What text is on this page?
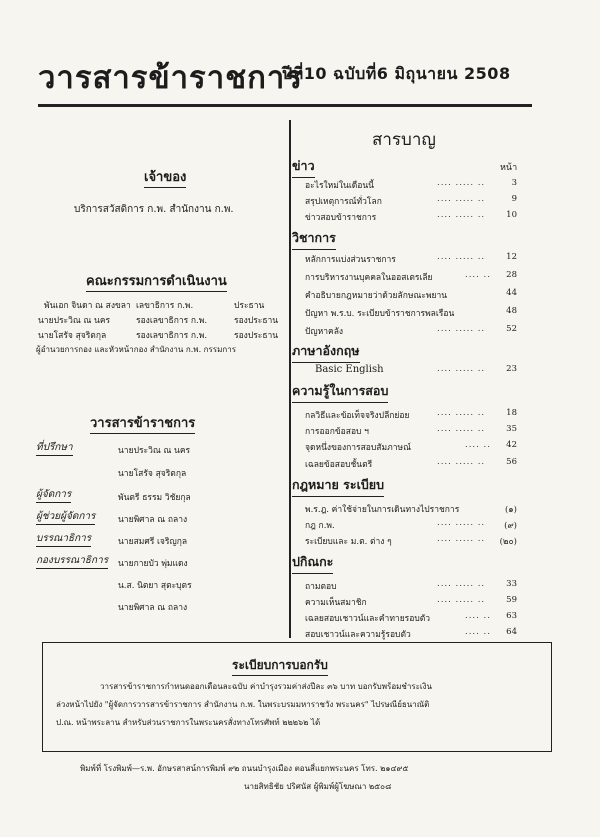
วารสารข้าราชการ
ปีที่10 ฉบับที่6 มิถุนายน 2508
เจ้าของ
บริการสวัสดิการ ก.พ. สำนักงาน ก.พ.
คณะกรรมการดำเนินงาน
พันเอก จินดา ณ สงขลา เลขาธิการ ก.พ.	ประธาน
นายประวิณ ณ นคร	รองเลขาธิการ ก.พ.	รองประธาน
นายโสรัจ สุจริตกุล	รองเลขาธิการ ก.พ.	รองประธาน
ผู้อำนวยการกอง และหัวหน้ากอง สำนักงาน ก.พ. กรรมการ
วารสารข้าราชการ
ที่ปรึกษา	นายประวิณ ณ นคร
นายโสรัจ สุจริตกุล
ผู้จัดการ	พันตรี ธรรม วิชัยกุล
ผู้ช่วยผู้จัดการ	นายพิศาล ณ ถลาง
บรรณาธิการ	นายสมศรี เจริญกุล
กองบรรณาธิการ นายกายบัว พุ่มแดง
น.ส. นิตยา สุตะบุตร
นายพิศาล ณ ถลาง
สารบาญ
หน้า
ข่าว
อะไรใหม่ในเดือนนี้	.... ..... ..	3
สรุปเหตุการณ์ทั่วโลก	.... ..... ..	9
ข่าวสอบข้าราชการ	.... ..... .. 10
วิชาการ
หลักการแบ่งส่วนราชการ	.... ..... .. 12
การบริหารงานบุคคลในออสเตรเลีย	.... .. 28
คำอธิบายกฎหมายว่าด้วยลักษณะพยาน	44
ปัญหา พ.ร.บ. ระเบียบข้าราชการพลเรือน	48
ปัญหาคลัง	.... ..... .. 52
ภาษาอังกฤษ
Basic English	.... ..... .. 23
ความรู้ในการสอบ
กลวิธีและข้อเท็จจริงปลีกย่อย	.... ..... .. 18
การออกข้อสอบ ฯ	.... ..... .. 35
จุดหนึ่งของการสอบสัมภาษณ์	.... .. 42
เฉลยข้อสอบชั้นตรี	.... ..... .. 56
กฎหมาย ระเบียบ
พ.ร.ฎ. ค่าใช้จ่ายในการเดินทางไปราชการ	(๑)
กฎ ก.พ.	.... ..... .. (๙)
ระเบียบและ ม.ต. ต่าง ๆ	.... ..... .. (๒๐)
ปกิณกะ
ถามตอบ	.... ..... .. 33
ความเห็นสมาชิก	.... ..... .. 59
เฉลยสอบเชาวน์และคำทายรอบตัว	.... .. 63
สอบเชาวน์และความรู้รอบตัว	.... .. 64
ระเบียบการบอกรับ
วารสารข้าราชการกำหนดออกเดือนละฉบับ ค่าบำรุงรวมค่าส่งปีละ ๓๖ บาท บอกรับพร้อมชำระเงิน
ล่วงหน้าไปยัง "ผู้จัดการวารสารข้าราชการ สำนักงาน ก.พ. ในพระบรมมหาราชวัง พระนคร" ไปรษณีย์ธนาณัติ
ป.ณ. หน้าพระลาน สำหรับส่วนราชการในพระนครสั่งทางโทรศัพท์ ๒๒๒๖๒ ได้
พิมพ์ที่ โรงพิมพ์—ร.พ. อักษรสาสน์การพิมพ์ ๙๒ ถนนบำรุงเมือง ตอนสี่แยกพระนคร โทร. ๒๑๔๙๕
นายสิทธิชัย ปริศนัส ผู้พิมพ์ผู้โฆษณา ๒๕๐๘
